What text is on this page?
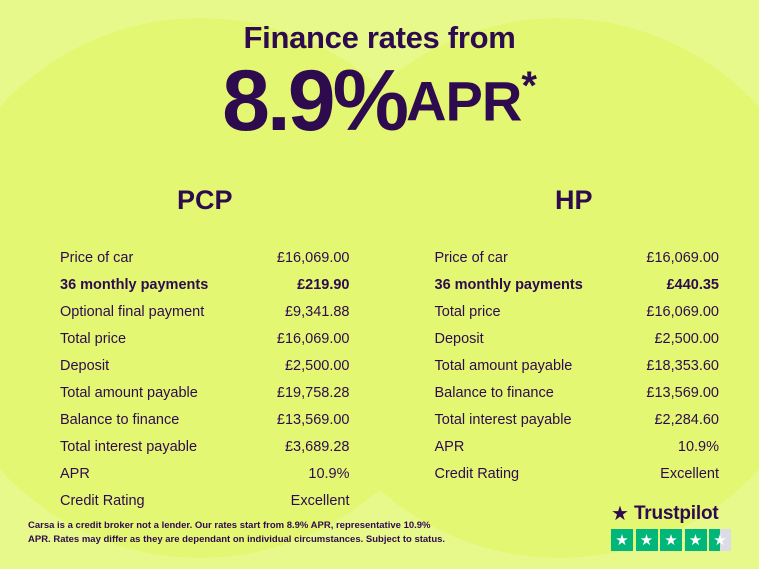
Finance rates from
8.9%APR*
PCP
Price of car	£16,069.00
36 monthly payments	£219.90
Optional final payment	£9,341.88
Total price	£16,069.00
Deposit	£2,500.00
Total amount payable	£19,758.28
Balance to finance	£13,569.00
Total interest payable	£3,689.28
APR	10.9%
Credit Rating	Excellent
HP
Price of car	£16,069.00
36 monthly payments	£440.35
Total price	£16,069.00
Deposit	£2,500.00
Total amount payable	£18,353.60
Balance to finance	£13,569.00
Total interest payable	£2,284.60
APR	10.9%
Credit Rating	Excellent
Carsa is a credit broker not a lender. Our rates start from 8.9% APR, representative 10.9% APR. Rates may differ as they are dependant on individual circumstances. Subject to status.
★ Trustpilot
★ ★ ★ ★ ★
